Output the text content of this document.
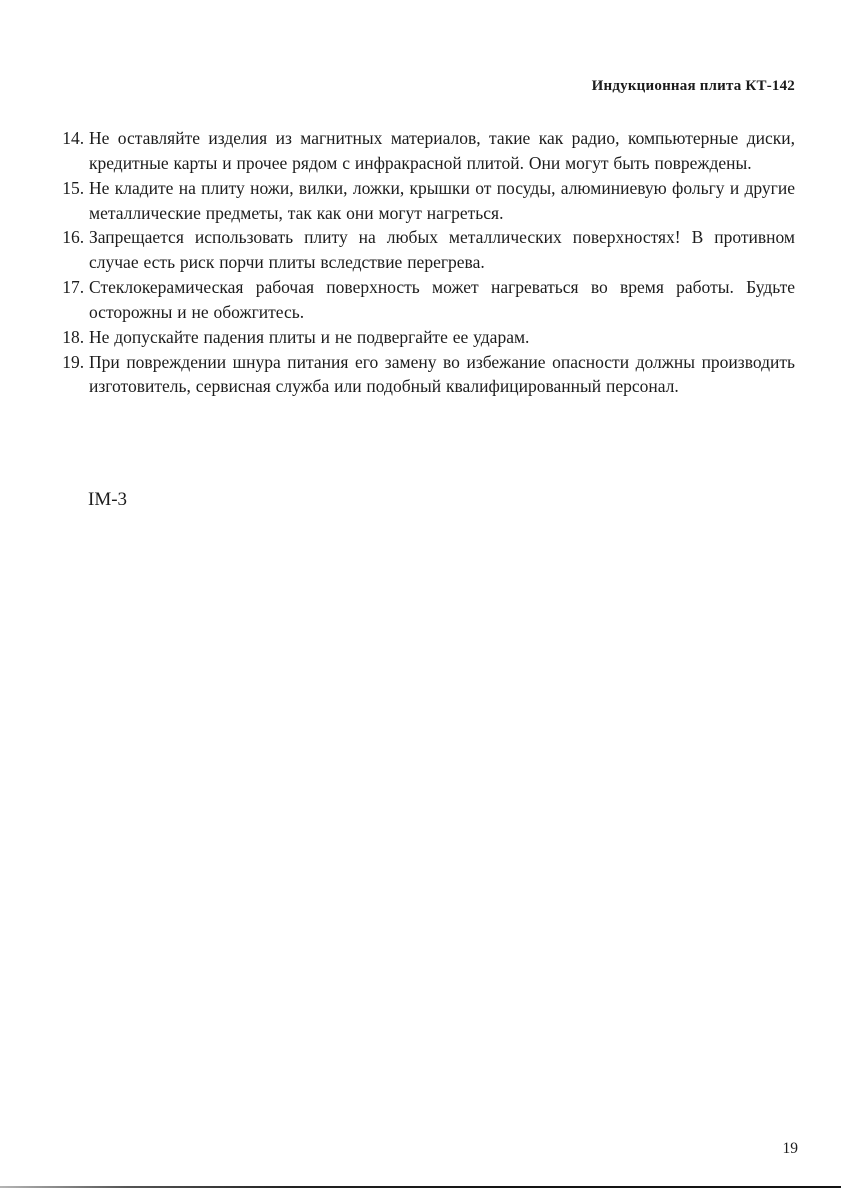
Индукционная плита КТ-142
14. Не оставляйте изделия из магнитных материалов, такие как радио, компьютерные диски, кредитные карты и прочее рядом с инфракрасной плитой. Они могут быть повреждены.
15. Не кладите на плиту ножи, вилки, ложки, крышки от посуды, алюминиевую фольгу и другие металлические предметы, так как они могут нагреться.
16. Запрещается использовать плиту на любых металлических поверхностях! В противном случае есть риск порчи плиты вследствие перегрева.
17. Стеклокерамическая рабочая поверхность может нагреваться во время работы. Будьте осторожны и не обожгитесь.
18. Не допускайте падения плиты и не подвергайте ее ударам.
19. При повреждении шнура питания его замену во избежание опасности должны производить изготовитель, сервисная служба или подобный квалифицированный персонал.
IM-3
19
